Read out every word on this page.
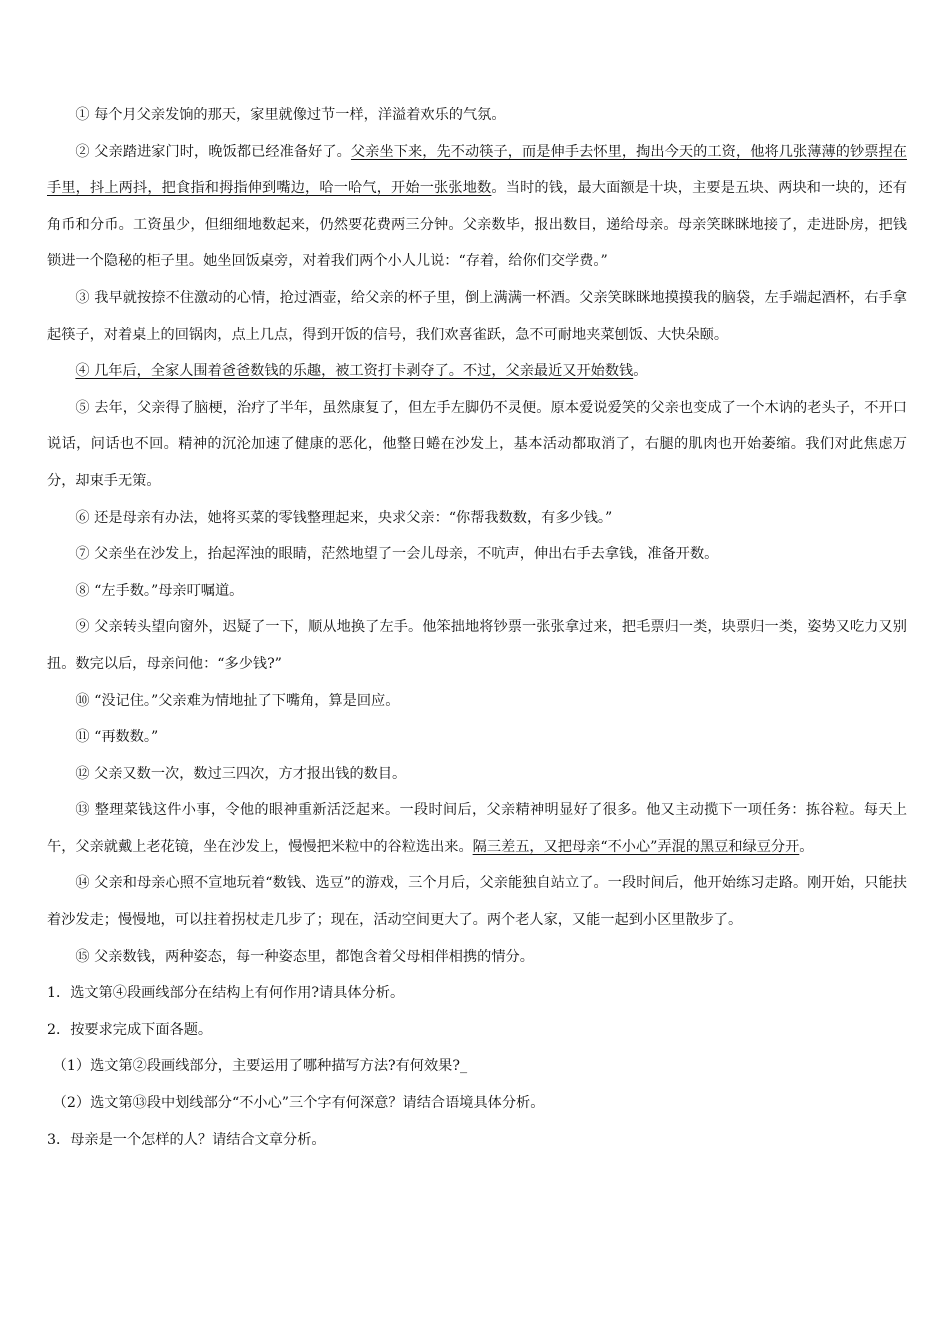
① 每个月父亲发饷的那天，家里就像过节一样，洋溢着欢乐的气氛。

② 父亲踏进家门时，晚饭都已经准备好了。父亲坐下来，先不动筷子，而是伸手去怀里，掏出今天的工资，他将几张薄薄的钞票捏在手里，抖上两抖，把食指和拇指伸到嘴边，哈一哈气，开始一张张地数。当时的钱，最大面额是十块，主要是五块、两块和一块的，还有角币和分币。工资虽少，但细细地数起来，仍然要花费两三分钟。父亲数毕，报出数目，递给母亲。母亲笑眯眯地接了，走进卧房，把钱锁进一个隐秘的柜子里。她坐回饭桌旁，对着我们两个小人儿说：“存着，给你们交学费。”

③ 我早就按捺不住激动的心情，抢过酒壶，给父亲的杯子里，倒上满满一杯酒。父亲笑眯眯地摸摸我的脑袋，左手端起酒杯，右手拿起筷子，对着桌上的回锅肉，点上几点，得到开饭的信号，我们欢喜雀跃，急不可耐地夹菜刨饭、大快朵颐。

④ 几年后，全家人围着爸爸数钱的乐趣，被工资打卡剥夺了。不过，父亲最近又开始数钱。

⑤ 去年，父亲得了脑梗，治疗了半年，虽然康复了，但左手左脚仍不灵便。原本爱说爱笑的父亲也变成了一个木讷的老头子，不开口说话，问话也不回。精神的沉沦加速了健康的恶化，他整日蜷在沙发上，基本活动都取消了，右腿的肌肉也开始萎缩。我们对此焦虑万分，却束手无策。

⑥ 还是母亲有办法，她将买菜的零钱整理起来，央求父亲：“你帮我数数，有多少钱。”

⑦ 父亲坐在沙发上，抬起浑浊的眼睛，茫然地望了一会儿母亲，不吭声，伸出右手去拿钱，准备开数。

⑧ “左手数。”母亲叮嘱道。

⑨ 父亲转头望向窗外，迟疑了一下，顺从地换了左手。他笨拙地将钞票一张张拿过来，把毛票归一类，块票归一类，姿势又吃力又别扭。数完以后，母亲问他：“多少钱?”

⑩ “没记住。”父亲难为情地扯了下嘴角，算是回应。

⑪ “再数数。”

⑫ 父亲又数一次，数过三四次，方才报出钱的数目。

⑬ 整理菜钱这件小事，令他的眼神重新活泛起来。一段时间后，父亲精神明显好了很多。他又主动揽下一项任务：拣谷粒。每天上午，父亲就戴上老花镜，坐在沙发上，慢慢把米粒中的谷粒选出来。隔三差五，又把母亲“不小心”弄混的黑豆和绿豆分开。

⑭ 父亲和母亲心照不宣地玩着“数钱、选豆”的游戏，三个月后，父亲能独自站立了。一段时间后，他开始练习走路。刚开始，只能扶着沙发走；慢慢地，可以拄着拐杖走几步了；现在，活动空间更大了。两个老人家，又能一起到小区里散步了。

⑮ 父亲数钱，两种姿态，每一种姿态里，都饱含着父母相伴相携的情分。

1．选文第④段画线部分在结构上有何作用?请具体分析。

2．按要求完成下面各题。

（1）选文第②段画线部分，主要运用了哪种描写方法?有何效果?_

（2）选文第⑬段中划线部分“不小心”三个字有何深意？请结合语境具体分析。

3．母亲是一个怎样的人？请结合文章分析。
